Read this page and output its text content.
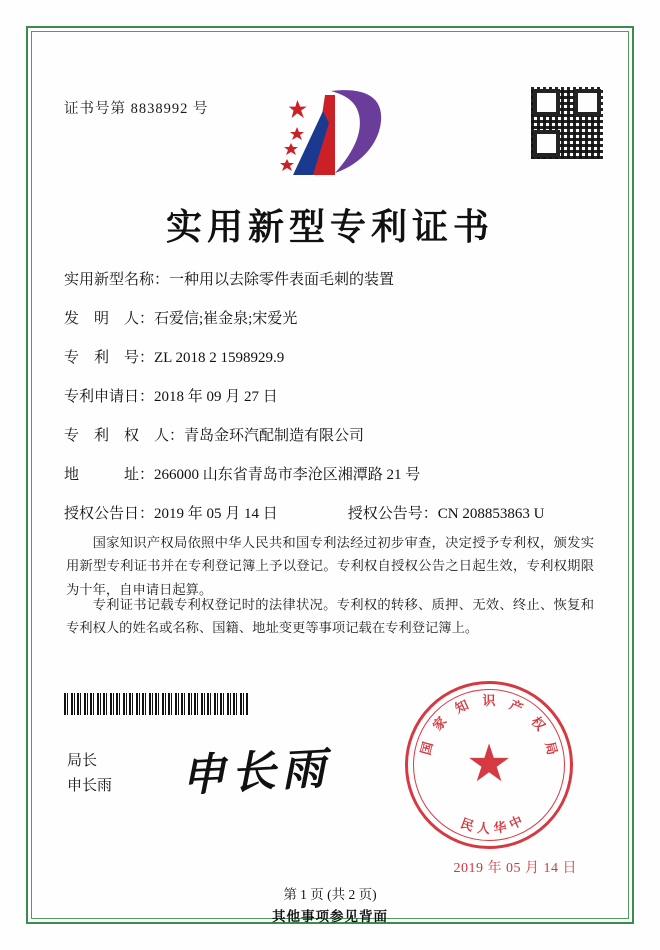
证书号第 8838992 号
实用新型专利证书
实用新型名称： 一种用以去除零件表面毛刺的装置
发　明　人： 石爱信;崔金泉;宋爱光
专　利　号： ZL 2018 2 1598929.9
专利申请日： 2018 年 09 月 27 日
专　利　权　人： 青岛金环汽配制造有限公司
地　　　址： 266000 山东省青岛市李沧区湘潭路 21 号
授权公告日： 2019 年 05 月 14 日	授权公告号： CN 208853863 U
国家知识产权局依照中华人民共和国专利法经过初步审查，决定授予专利权，颁发实用新型专利证书并在专利登记簿上予以登记。专利权自授权公告之日起生效，专利权期限为十年，自申请日起算。
专利证书记载专利权登记时的法律状况。专利权的转移、质押、无效、终止、恢复和专利权人的姓名或名称、国籍、地址变更等事项记载在专利登记簿上。
局长
申长雨 申长雨	★
国
家
知 识 产
权
局
中
华
人
民
2019 年 05 月 14 日
第 1 页 (共 2 页)
其他事项参见背面
